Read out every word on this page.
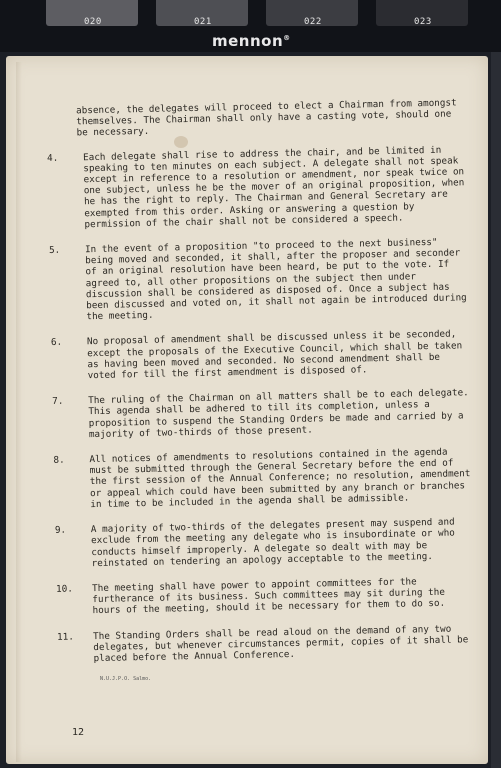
020	021	022	023
mennon®

absence, the delegates will proceed to elect a Chairman from amongst themselves. The Chairman shall only have a casting vote, should one be necessary.

4.	Each delegate shall rise to address the chair, and be limited in speaking to ten minutes on each subject. A delegate shall not speak except in reference to a resolution or amendment, nor speak twice on one subject, unless he be the mover of an original proposition, when he has the right to reply. The Chairman and General Secretary are exempted from this order. Asking or answering a question by permission of the chair shall not be considered a speech.

5.	In the event of a proposition "to proceed to the next business" being moved and seconded, it shall, after the proposer and seconder of an original resolution have been heard, be put to the vote. If agreed to, all other propositions on the subject then under discussion shall be considered as disposed of. Once a subject has been discussed and voted on, it shall not again be introduced during the meeting.

6.	No proposal of amendment shall be discussed unless it be seconded, except the proposals of the Executive Council, which shall be taken as having been moved and seconded. No second amendment shall be voted for till the first amendment is disposed of.

7.	The ruling of the Chairman on all matters shall be to each delegate. This agenda shall be adhered to till its completion, unless a proposition to suspend the Standing Orders be made and carried by a majority of two-thirds of those present.

8.	All notices of amendments to resolutions contained in the agenda must be submitted through the General Secretary before the end of the first session of the Annual Conference; no resolution, amendment or appeal which could have been submitted by any branch or branches in time to be included in the agenda shall be admissible.

9.	A majority of two-thirds of the delegates present may suspend and exclude from the meeting any delegate who is insubordinate or who conducts himself improperly. A delegate so dealt with may be reinstated on tendering an apology acceptable to the meeting.

10.	The meeting shall have power to appoint committees for the furtherance of its business. Such committees may sit during the hours of the meeting, should it be necessary for them to do so.

11.	The Standing Orders shall be read aloud on the demand of any two delegates, but whenever circumstances permit, copies of it shall be placed before the Annual Conference.

N.U.J.P.O. Salmo.
12
